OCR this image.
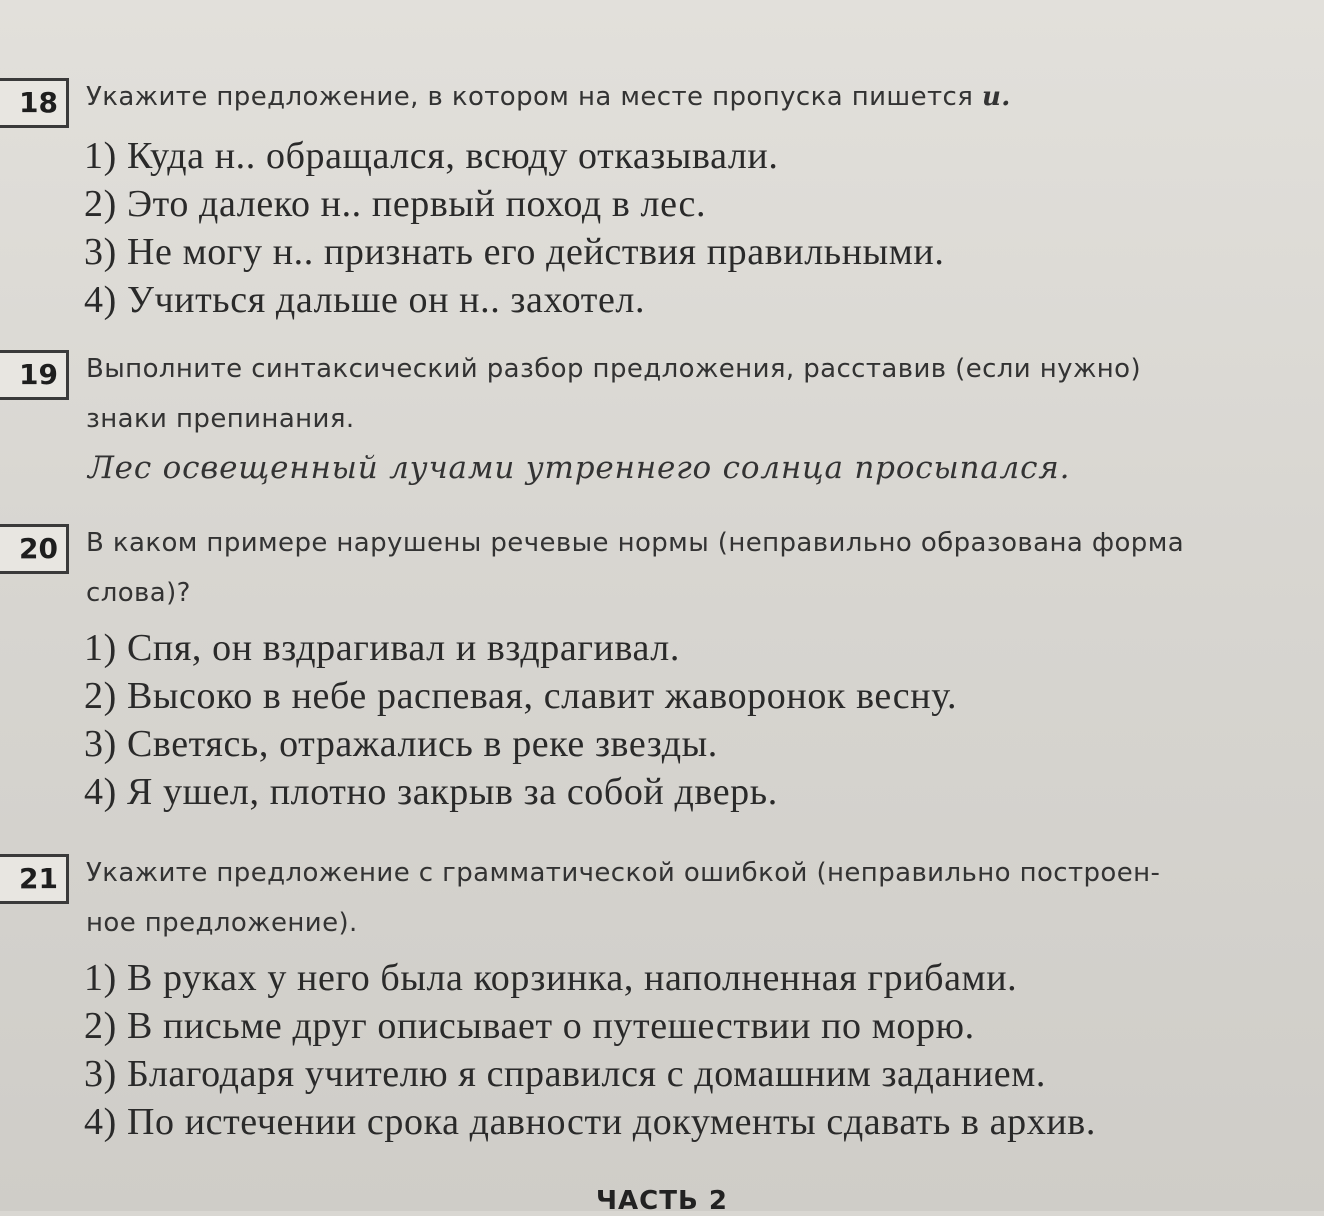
18	Укажите предложение, в котором на месте пропуска пишется и.
1) Куда н.. обращался, всюду отказывали.
2) Это далеко н.. первый поход в лес.
3) Не могу н.. признать его действия правильными.
4) Учиться дальше он н.. захотел.
19	Выполните синтаксический разбор предложения, расставив (если нужно)
знаки препинания.
Лес освещенный лучами утреннего солнца просыпался.
20	В каком примере нарушены речевые нормы (неправильно образована форма
слова)?
1) Спя, он вздрагивал и вздрагивал.
2) Высоко в небе распевая, славит жаворонок весну.
3) Светясь, отражались в реке звезды.
4) Я ушел, плотно закрыв за собой дверь.
21	Укажите предложение с грамматической ошибкой (неправильно построен-
ное предложение).
1) В руках у него была корзинка, наполненная грибами.
2) В письме друг описывает о путешествии по морю.
3) Благодаря учителю я справился с домашним заданием.
4) По истечении срока давности документы сдавать в архив.
ЧАСТЬ 2
